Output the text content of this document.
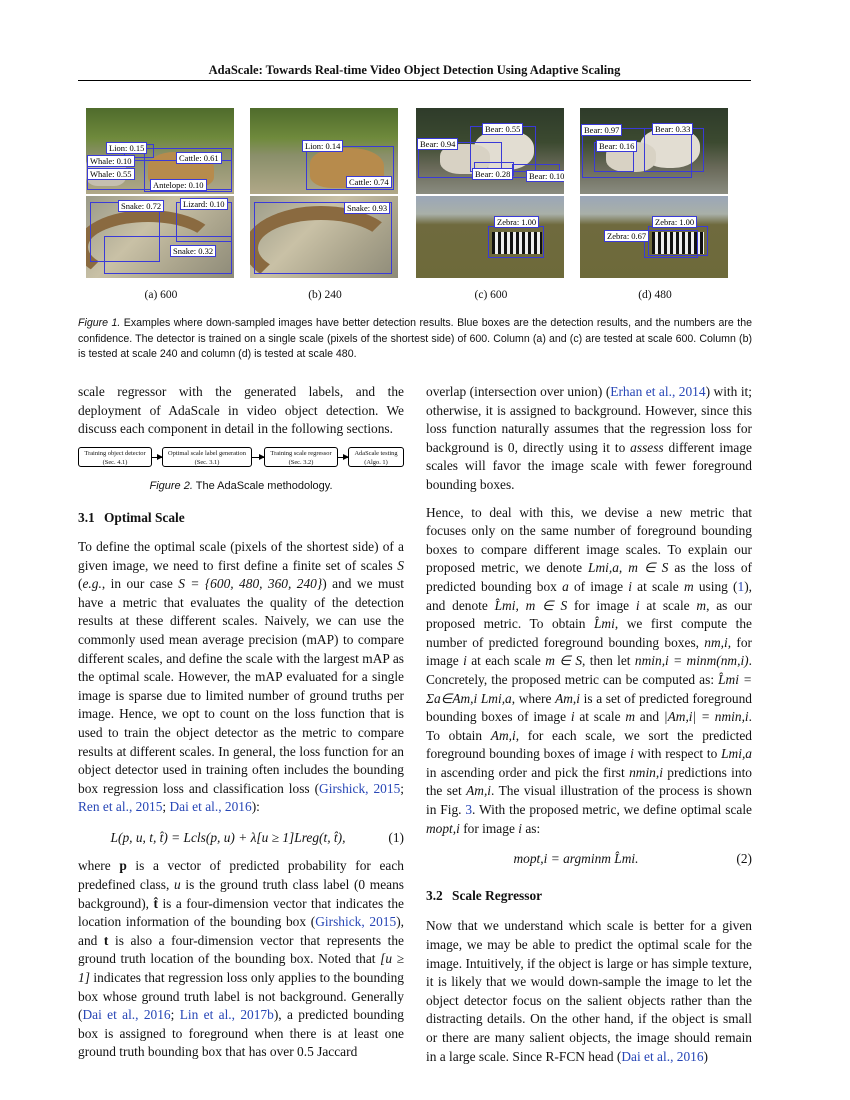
AdaScale: Towards Real-time Video Object Detection Using Adaptive Scaling
Lion: 0.15
Whale: 0.10
Whale: 0.55
Cattle: 0.61
Antelope: 0.10
Lion: 0.14
Cattle: 0.74
Bear: 0.94
Bear: 0.55
Bear: 0.28	Bear: 0.10
Bear: 0.97	Bear: 0.33
Bear: 0.16
Snake: 0.72	Lizard: 0.10
Snake: 0.32
Snake: 0.93
Zebra: 1.00	Zebra: 1.00
Zebra: 0.67
(a) 600	(b) 240	(c) 600	(d) 480
Figure 1. Examples where down-sampled images have better detection results. Blue boxes are the detection results, and the numbers are the confidence. The detector is trained on a single scale (pixels of the shortest side) of 600. Column (a) and (c) are tested at scale 600. Column (b) is tested at scale 240 and column (d) is tested at scale 480.

scale regressor with the generated labels, and the deployment of AdaScale in video object detection. We discuss each component in detail in the following sections.

Training object detector
(Sec. 4.1)
Optimal scale label generation
(Sec. 3.1)
Training scale regressor
(Sec. 3.2)
AdaScale testing
(Algo. 1)
Figure 2. The AdaScale methodology.
3.1 Optimal Scale

To define the optimal scale (pixels of the shortest side) of a given image, we need to first define a finite set of scales S (e.g., in our case S = {600, 480, 360, 240}) and we must have a metric that evaluates the quality of the detection results at these different scales. Naively, we can use the commonly used mean average precision (mAP) to compare different scales, and define the scale with the largest mAP as the optimal scale. However, the mAP evaluated for a single image is sparse due to limited number of ground truths per image. Hence, we opt to count on the loss function that is used to train the object detector as the metric to compare results at different scales. In general, the loss function for an object detector used in training often includes the bounding box regression loss and classification loss (Girshick, 2015; Ren et al., 2015; Dai et al., 2016):

L(p, u, t, t̂) = Lcls(p, u) + λ[u ≥ 1]Lreg(t, t̂),	(1)

where p is a vector of predicted probability for each predefined class, u is the ground truth class label (0 means background), t̂ is a four-dimension vector that indicates the location information of the bounding box (Girshick, 2015), and t is also a four-dimension vector that represents the ground truth location of the bounding box. Noted that [u ≥ 1] indicates that regression loss only applies to the bounding box whose ground truth label is not background. Generally (Dai et al., 2016; Lin et al., 2017b), a predicted bounding box is assigned to foreground when there is at least one ground truth bounding box that has over 0.5 Jaccard

overlap (intersection over union) (Erhan et al., 2014) with it; otherwise, it is assigned to background. However, since this loss function naturally assumes that the regression loss for background is 0, directly using it to assess different image scales will favor the image scale with fewer foreground bounding boxes.

Hence, to deal with this, we devise a new metric that focuses only on the same number of foreground bounding boxes to compare different image scales. To explain our proposed metric, we denote Lmi,a, m ∈ S as the loss of predicted bounding box a of image i at scale m using (1), and denote L̂mi, m ∈ S for image i at scale m, as our proposed metric. To obtain L̂mi, we first compute the number of predicted foreground bounding boxes, nm,i, for image i at each scale m ∈ S, then let nmin,i = minm(nm,i). Concretely, the proposed metric can be computed as: L̂mi = Σa∈Am,i Lmi,a, where Am,i is a set of predicted foreground bounding boxes of image i at scale m and |Am,i| = nmin,i. To obtain Am,i, for each scale, we sort the predicted foreground bounding boxes of image i with respect to Lmi,a in ascending order and pick the first nmin,i predictions into the set Am,i. The visual illustration of the process is shown in Fig. 3. With the proposed metric, we define optimal scale mopt,i for image i as:

mopt,i = argminm L̂mi.	(2)
3.2 Scale Regressor

Now that we understand which scale is better for a given image, we may be able to predict the optimal scale for the image. Intuitively, if the object is large or has simple texture, it is likely that we would down-sample the image to let the object detector focus on the salient objects rather than the distracting details. On the other hand, if the object is small or there are many salient objects, the image should remain in a large scale. Since R-FCN head (Dai et al., 2016)
